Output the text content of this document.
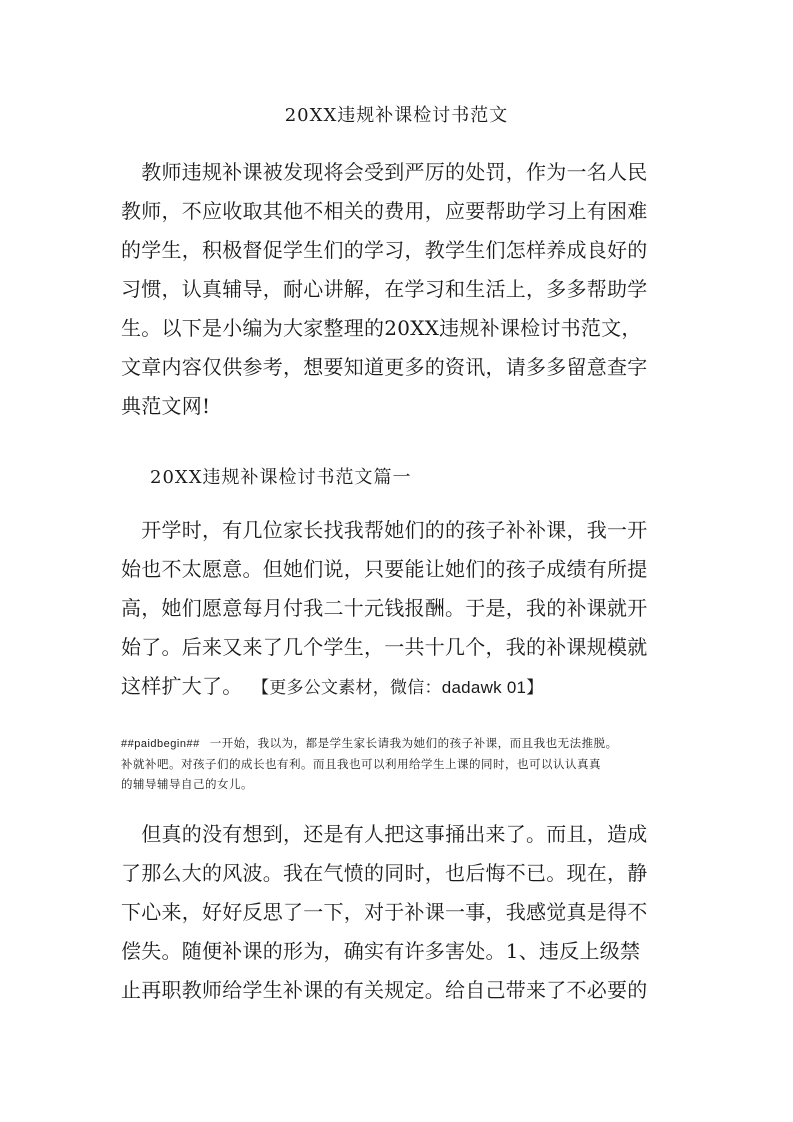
20XX违规补课检讨书范文
　教师违规补课被发现将会受到严厉的处罚，作为一名人民
教师，不应收取其他不相关的费用，应要帮助学习上有困难
的学生，积极督促学生们的学习，教学生们怎样养成良好的
习惯，认真辅导，耐心讲解，在学习和生活上，多多帮助学
生。以下是小编为大家整理的20XX违规补课检讨书范文，
文章内容仅供参考，想要知道更多的资讯，请多多留意查字
典范文网!
20XX违规补课检讨书范文篇一
　开学时，有几位家长找我帮她们的的孩子补补课，我一开
始也不太愿意。但她们说，只要能让她们的孩子成绩有所提
高，她们愿意每月付我二十元钱报酬。于是，我的补课就开
始了。后来又来了几个学生，一共十几个，我的补课规模就
这样扩大了。 【更多公文素材，微信：dadawk 01】
##paidbegin## 一开始，我以为，都是学生家长请我为她们的孩子补课，而且我也无法推脱。
补就补吧。对孩子们的成长也有利。而且我也可以利用给学生上课的同时，也可以认认真真
的辅导辅导自己的女儿。
　但真的没有想到，还是有人把这事捅出来了。而且，造成
了那么大的风波。我在气愤的同时，也后悔不已。现在，静
下心来，好好反思了一下，对于补课一事，我感觉真是得不
偿失。随便补课的形为，确实有许多害处。1、违反上级禁
止再职教师给学生补课的有关规定。给自己带来了不必要的
